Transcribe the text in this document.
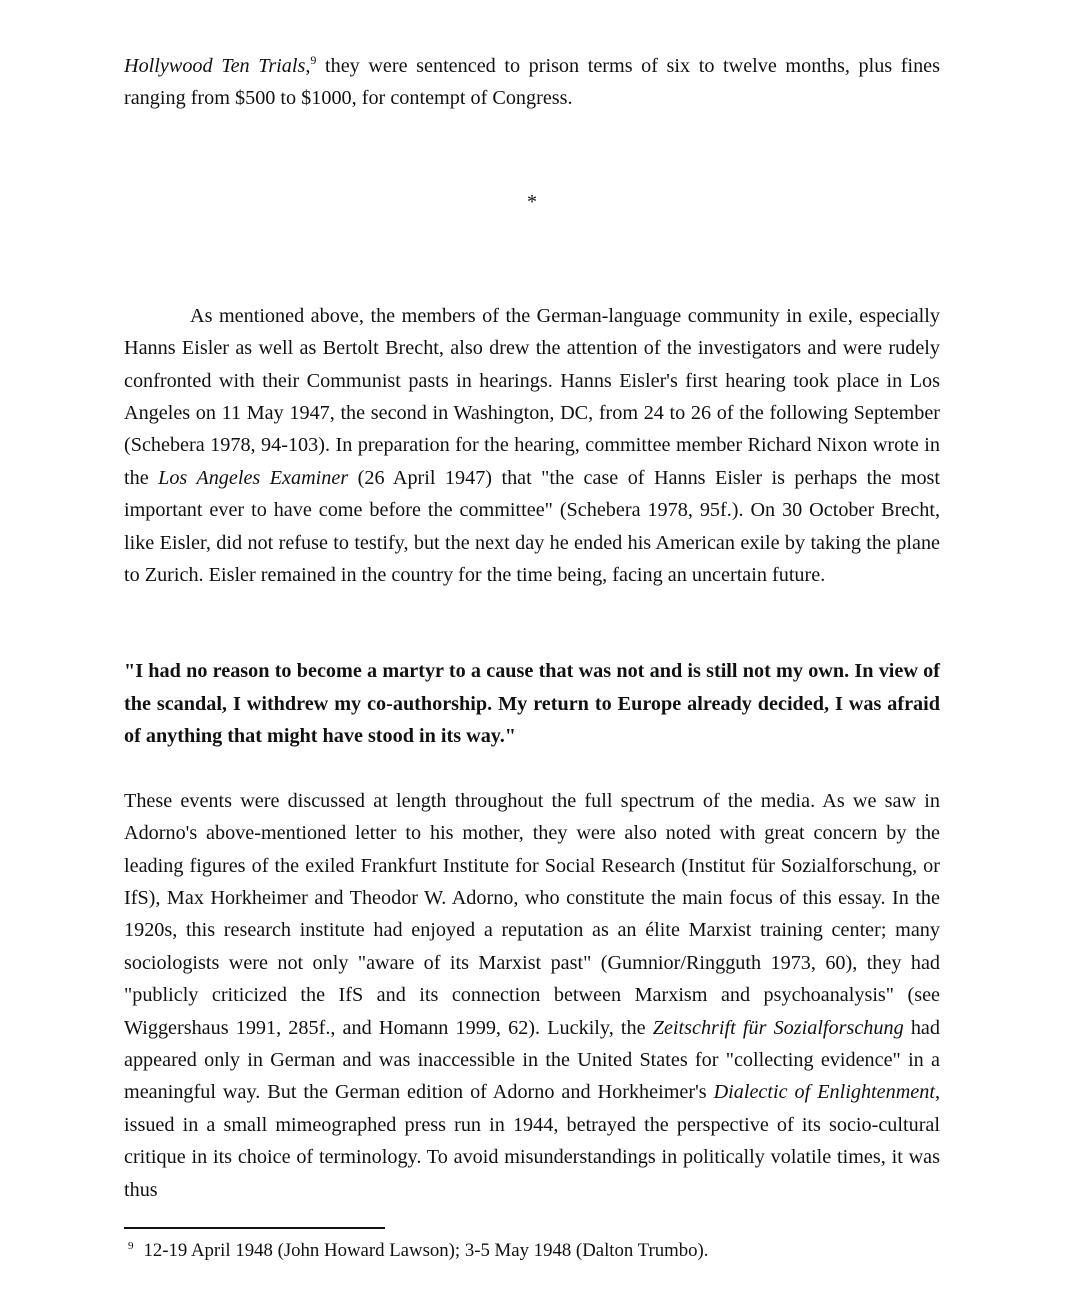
Hollywood Ten Trials,$^9$ they were sentenced to prison terms of six to twelve months, plus fines ranging from $500 to $1000, for contempt of Congress.

*

As mentioned above, the members of the German-language community in exile, especially Hanns Eisler as well as Bertolt Brecht, also drew the attention of the investigators and were rudely confronted with their Communist pasts in hearings. Hanns Eisler's first hearing took place in Los Angeles on 11 May 1947, the second in Washington, DC, from 24 to 26 of the following September (Schebera 1978, 94-103). In preparation for the hearing, committee member Richard Nixon wrote in the Los Angeles Examiner (26 April 1947) that "the case of Hanns Eisler is perhaps the most important ever to have come before the committee" (Schebera 1978, 95f.). On 30 October Brecht, like Eisler, did not refuse to testify, but the next day he ended his American exile by taking the plane to Zurich. Eisler remained in the country for the time being, facing an uncertain future.

"I had no reason to become a martyr to a cause that was not and is still not my own. In view of the scandal, I withdrew my co-authorship. My return to Europe already decided, I was afraid of anything that might have stood in its way."

These events were discussed at length throughout the full spectrum of the media. As we saw in Adorno's above-mentioned letter to his mother, they were also noted with great concern by the leading figures of the exiled Frankfurt Institute for Social Research (Institut für Sozialforschung, or IfS), Max Horkheimer and Theodor W. Adorno, who constitute the main focus of this essay. In the 1920s, this research institute had enjoyed a reputation as an élite Marxist training center; many sociologists were not only "aware of its Marxist past" (Gumnior/Ringguth 1973, 60), they had "publicly criticized the IfS and its connection between Marxism and psychoanalysis" (see Wiggershaus 1991, 285f., and Homann 1999, 62). Luckily, the Zeitschrift für Sozialforschung had appeared only in German and was inaccessible in the United States for "collecting evidence" in a meaningful way. But the German edition of Adorno and Horkheimer's Dialectic of Enlightenment, issued in a small mimeographed press run in 1944, betrayed the perspective of its socio-cultural critique in its choice of terminology. To avoid misunderstandings in politically volatile times, it was thus

$^9$ 12-19 April 1948 (John Howard Lawson); 3-5 May 1948 (Dalton Trumbo).
